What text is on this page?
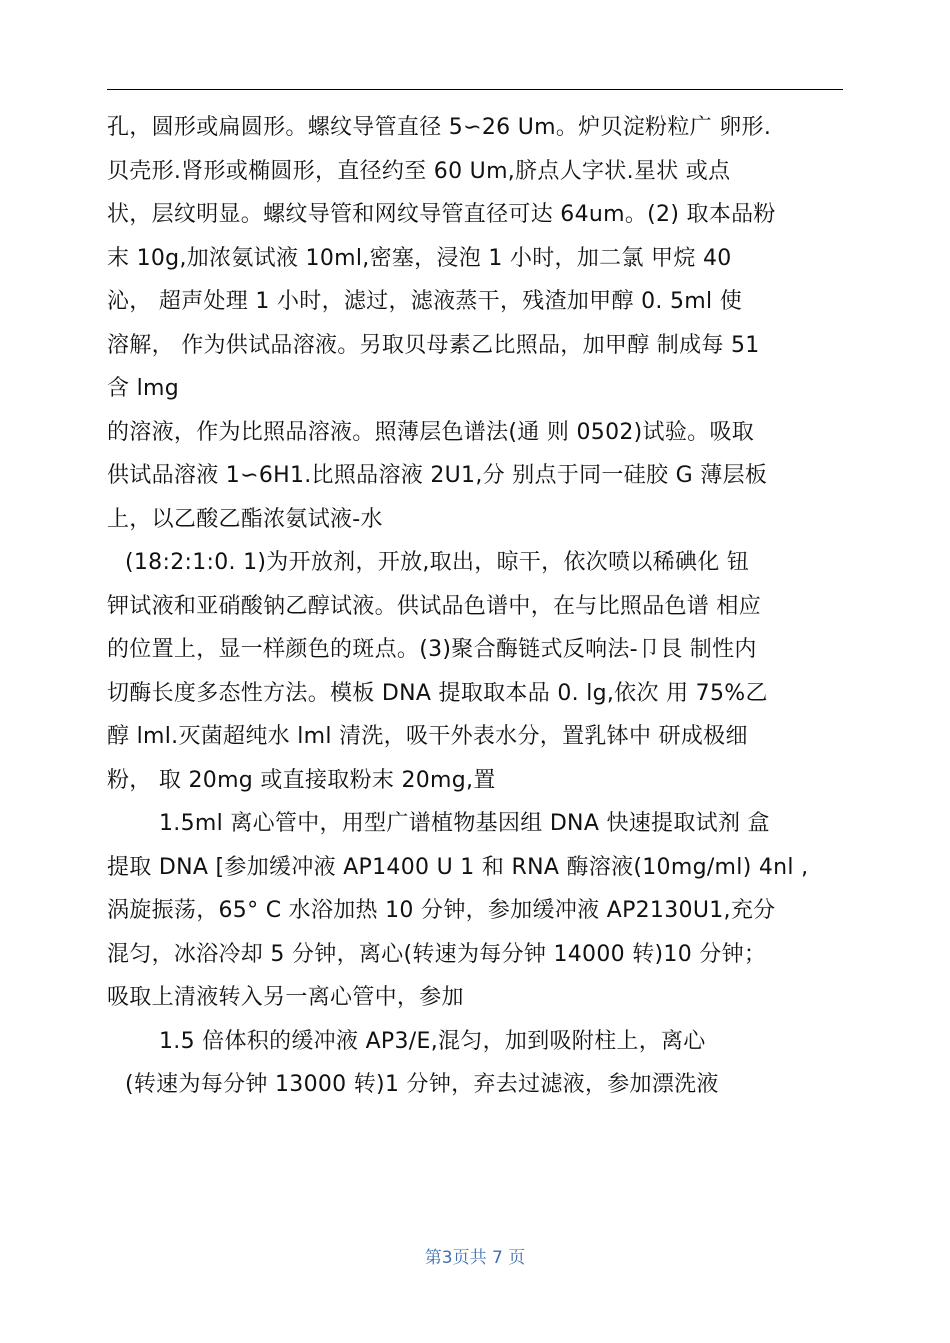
孔，圆形或扁圆形。螺纹导管直径 5∽26 Um。炉贝淀粉粒广 卵形.
贝壳形.肾形或椭圆形，直径约至 60 Um,脐点人字状.星状 或点
状，层纹明显。螺纹导管和网纹导管直径可达 64um。(2) 取本品粉
末 10g,加浓氨试液 10ml,密塞，浸泡 1 小时，加二氯 甲烷 40
沁， 超声处理 1 小时，滤过，滤液蒸干，残渣加甲醇 0. 5ml 使
溶解， 作为供试品溶液。另取贝母素乙比照品，加甲醇 制成每 51
含 lmg
的溶液，作为比照品溶液。照薄层色谱法(通 则 0502)试验。吸取
供试品溶液 1∽6H1.比照品溶液 2U1,分 别点于同一硅胶 G 薄层板
上，以乙酸乙酯浓氨试液-水
(18:2:1:0. 1)为开放剂，开放,取出，晾干，依次喷以稀碘化 钮
钾试液和亚硝酸钠乙醇试液。供试品色谱中，在与比照品色谱 相应
的位置上，显一样颜色的斑点。(3)聚合酶链式反响法-卩艮 制性内
切酶长度多态性方法。模板 DNA 提取取本品 0. lg,依次 用 75%乙
醇 lml.灭菌超纯水 lml 清洗，吸干外表水分，置乳钵中 研成极细
粉， 取 20mg 或直接取粉末 20mg,置
1.5ml 离心管中，用型广谱植物基因组 DNA 快速提取试剂 盒
提取 DNA [参加缓冲液 AP1400 U 1 和 RNA 酶溶液(10mg/ml) 4nl ,
涡旋振荡，65° C 水浴加热 10 分钟，参加缓冲液 AP2130U1,充分
混匀，冰浴冷却 5 分钟，离心(转速为每分钟 14000 转)10 分钟；
吸取上清液转入另一离心管中，参加
1.5 倍体积的缓冲液 AP3/E,混匀，加到吸附柱上，离心
(转速为每分钟 13000 转)1 分钟，弃去过滤液，参加漂洗液
第3页共 7 页
